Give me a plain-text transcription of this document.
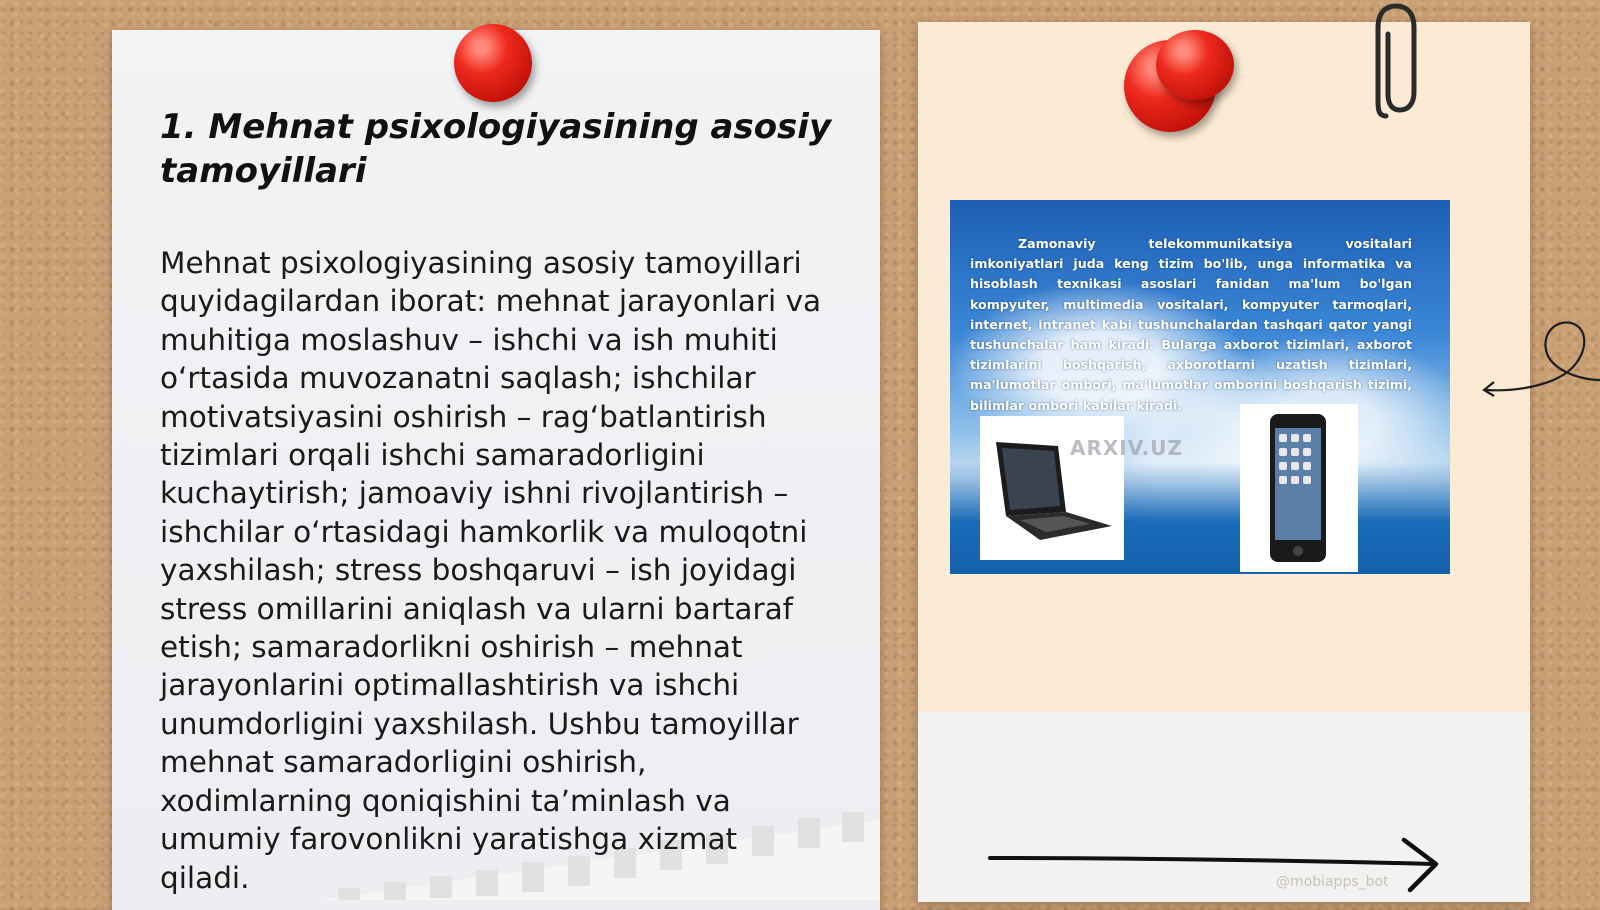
1. Mehnat psixologiyasining asosiy tamoyillari

Mehnat psixologiyasining asosiy tamoyillari quyidagilardan iborat: mehnat jarayonlari va muhitiga moslashuv – ishchi va ish muhiti o‘rtasida muvozanatni saqlash; ishchilar motivatsiyasini oshirish – rag‘batlantirish tizimlari orqali ishchi samaradorligini kuchaytirish; jamoaviy ishni rivojlantirish – ishchilar o‘rtasidagi hamkorlik va muloqotni yaxshilash; stress boshqaruvi – ish joyidagi stress omillarini aniqlash va ularni bartaraf etish; samaradorlikni oshirish – mehnat jarayonlarini optimallashtirish va ishchi unumdorligini yaxshilash. Ushbu tamoyillar mehnat samaradorligini oshirish, xodimlarning qoniqishini ta’minlash va umumiy farovonlikni yaratishga xizmat qiladi.

Zamonaviy telekommunikatsiya vositalari imkoniyatlari juda keng tizim bo'lib, unga informatika va hisoblash texnikasi asoslari fanidan ma'lum bo'lgan kompyuter, multimedia vositalari, kompyuter tarmoqlari, internet, intranet kabi tushunchalardan tashqari qator yangi tushunchalar ham kiradi. Bularga axborot tizimlari, axborot tizimlarini boshqarish, axborotlarni uzatish tizimlari, ma'lumotlar ombori, ma'lumotlar omborini boshqarish tizimi, bilimlar ombori kabilar kiradi.

ARXIV.UZ
@mobiapps_bot
